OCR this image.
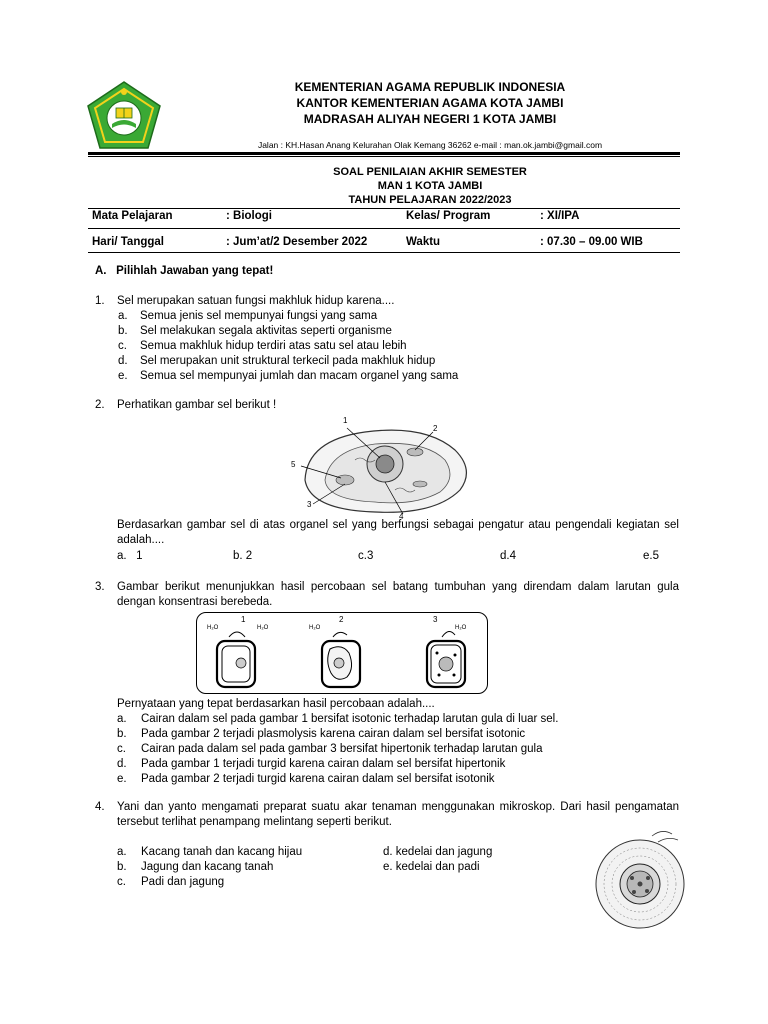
KEMENTERIAN AGAMA REPUBLIK INDONESIA
KANTOR KEMENTERIAN AGAMA KOTA JAMBI
MADRASAH ALIYAH NEGERI 1 KOTA JAMBI
Jalan : KH.Hasan Anang Kelurahan Olak Kemang 36262 e-mail : man.ok.jambi@gmail.com
SOAL PENILAIAN AKHIR SEMESTER
MAN 1 KOTA JAMBI
TAHUN PELAJARAN 2022/2023
Mata Pelajaran	: Biologi	Kelas/ Program	: XI/IPA
Hari/ Tanggal	: Jum’at/2 Desember 2022	Waktu	: 07.30 – 09.00 WIB
A.   Pilihlah Jawaban yang tepat!
1. Sel merupakan satuan fungsi makhluk hidup karena....
a. Semua jenis sel mempunyai fungsi yang sama
b. Sel melakukan segala aktivitas seperti organisme
c. Semua makhluk hidup terdiri atas satu sel atau lebih
d. Sel merupakan unit struktural terkecil pada makhluk hidup
e. Semua sel mempunyai jumlah dan macam organel yang sama
2. Perhatikan gambar sel berikut !
1
2
3
4
5
Berdasarkan gambar sel di atas organel sel yang berfungsi sebagai pengatur atau pengendali kegiatan sel adalah....
a.   1	b. 2	c.3	d.4	e.5
3. Gambar berikut menunjukkan hasil percobaan sel batang tumbuhan yang direndam dalam larutan gula dengan konsentrasi berebeda.
1	2	3
H₂O	H₂O	H₂O	H₂O
Pernyataan yang tepat berdasarkan hasil percobaan adalah....
a. Cairan dalam sel pada gambar 1 bersifat isotonic terhadap larutan gula di luar sel.
b. Pada gambar 2 terjadi plasmolysis karena cairan dalam sel bersifat isotonic
c. Cairan pada dalam sel pada gambar 3 bersifat hipertonik terhadap larutan gula
d. Pada gambar 1 terjadi turgid karena cairan dalam sel bersifat hipertonik
e. Pada gambar 2 terjadi turgid karena cairan dalam sel bersifat isotonik
4. Yani dan yanto mengamati preparat suatu akar tenaman menggunakan mikroskop. Dari hasil pengamatan tersebut terlihat penampang melintang seperti berikut.
a. Kacang tanah dan kacang hijau
b. Jagung dan kacang tanah
c. Padi dan jagung
d. kedelai dan jagung
e. kedelai dan padi
